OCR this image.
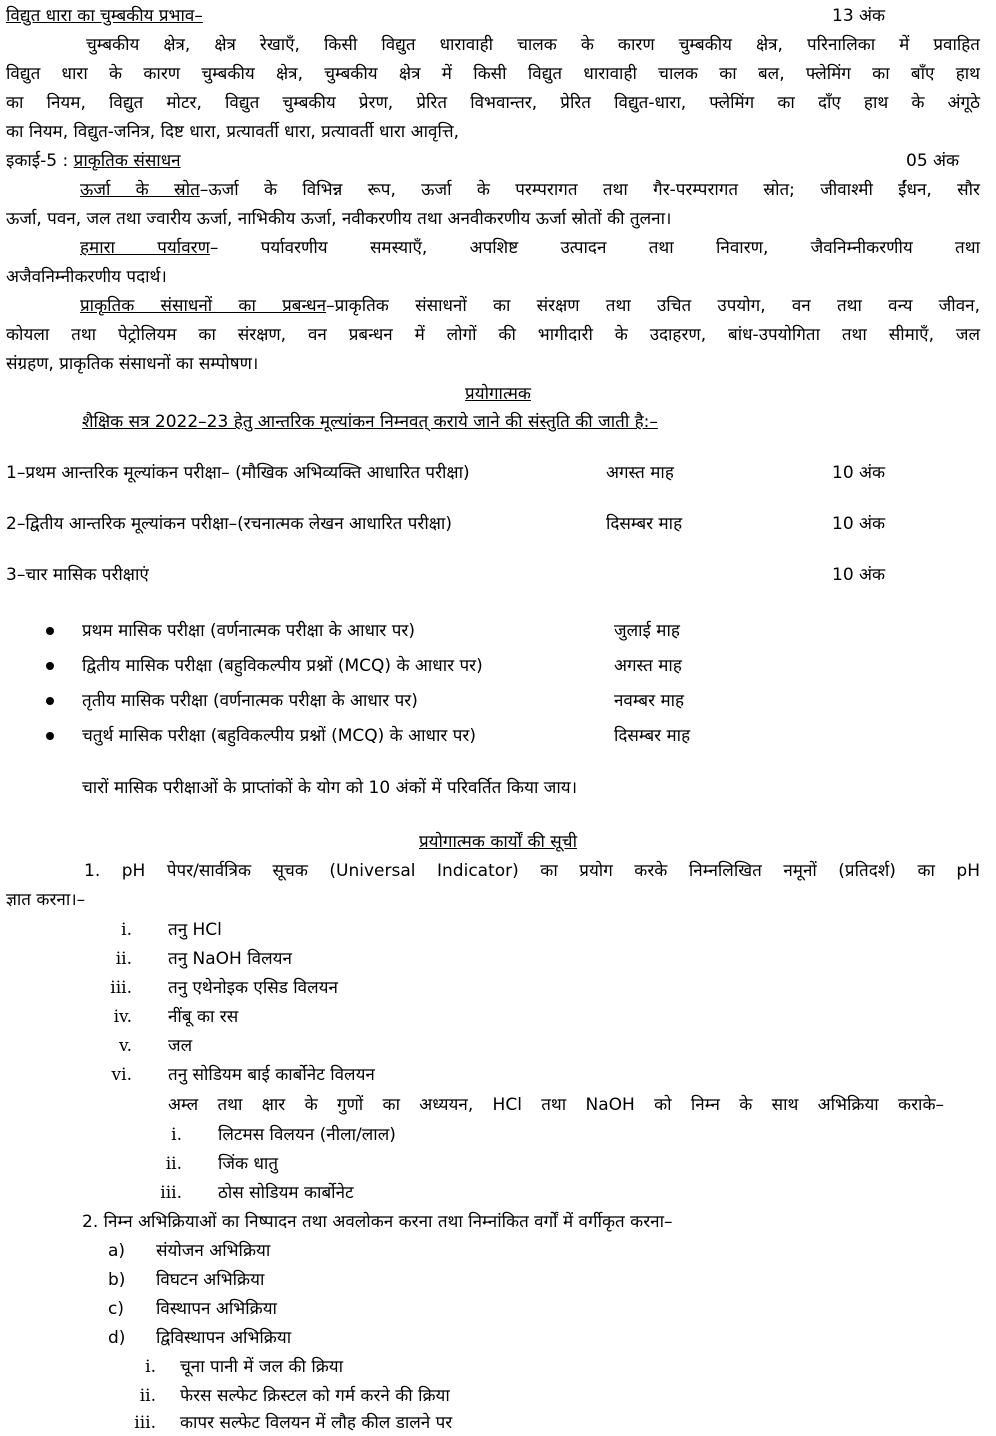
विद्युत धारा का चुम्बकीय प्रभाव–	13 अंक
चुम्बकीय क्षेत्र, क्षेत्र रेखाएँ, किसी विद्युत धारावाही चालक के कारण चुम्बकीय क्षेत्र, परिनालिका में प्रवाहित
विद्युत धारा के कारण चुम्बकीय क्षेत्र, चुम्बकीय क्षेत्र में किसी विद्युत धारावाही चालक का बल, फ्लेमिंग का बाँए हाथ
का नियम, विद्युत मोटर, विद्युत चुम्बकीय प्रेरण, प्रेरित विभवान्तर, प्रेरित विद्युत-धारा, फ्लेमिंग का दाँए हाथ के अंगूठे
का नियम, विद्युत-जनित्र, दिष्ट धारा, प्रत्यावर्ती धारा, प्रत्यावर्ती धारा आवृत्ति,
इकाई-5 : प्राकृतिक संसाधन	05 अंक
ऊर्जा के स्रोत–ऊर्जा के विभिन्न रूप, ऊर्जा के परम्परागत तथा गैर-परम्परागत स्रोत; जीवाश्मी ईंधन, सौर
ऊर्जा, पवन, जल तथा ज्वारीय ऊर्जा, नाभिकीय ऊर्जा, नवीकरणीय तथा अनवीकरणीय ऊर्जा स्रोतों की तुलना।
हमारा पर्यावरण– पर्यावरणीय समस्याएँ, अपशिष्ट उत्पादन तथा निवारण, जैवनिम्नीकरणीय तथा
अजैवनिम्नीकरणीय पदार्थ।
प्राकृतिक संसाधनों का प्रबन्धन–प्राकृतिक संसाधनों का संरक्षण तथा उचित उपयोग, वन तथा वन्य जीवन,
कोयला तथा पेट्रोलियम का संरक्षण, वन प्रबन्धन में लोगों की भागीदारी के उदाहरण, बांध-उपयोगिता तथा सीमाएँ, जल
संग्रहण, प्राकृतिक संसाधनों का सम्पोषण।
प्रयोगात्मक
शैक्षिक सत्र 2022–23 हेतु आन्तरिक मूल्यांकन निम्नवत् कराये जाने की संस्तुति की जाती है:–
1–प्रथम आन्तरिक मूल्यांकन परीक्षा– (मौखिक अभिव्यक्ति आधारित परीक्षा)	अगस्त माह	10 अंक
2–द्वितीय आन्तरिक मूल्यांकन परीक्षा–(रचनात्मक लेखन आधारित परीक्षा)	दिसम्बर माह	10 अंक
3–चार मासिक परीक्षाएं	10 अंक
प्रथम मासिक परीक्षा (वर्णनात्मक परीक्षा के आधार पर)	जुलाई माह
द्वितीय मासिक परीक्षा (बहुविकल्पीय प्रश्नों (MCQ) के आधार पर)	अगस्त माह
तृतीय मासिक परीक्षा (वर्णनात्मक परीक्षा के आधार पर)	नवम्बर माह
चतुर्थ मासिक परीक्षा (बहुविकल्पीय प्रश्नों (MCQ) के आधार पर)	दिसम्बर माह
चारों मासिक परीक्षाओं के प्राप्तांकों के योग को 10 अंकों में परिवर्तित किया जाय।
प्रयोगात्मक कार्यों की सूची
1. pH पेपर/सार्वत्रिक सूचक (Universal Indicator) का प्रयोग करके निम्नलिखित नमूनों (प्रतिदर्श) का pH
ज्ञात करना।–
i. तनु HCl
ii. तनु NaOH विलयन
iii. तनु एथेनोइक एसिड विलयन
iv. नींबू का रस
v. जल
vi. तनु सोडियम बाई कार्बोनेट विलयन
अम्ल तथा क्षार के गुणों का अध्ययन, HCl तथा NaOH को निम्न के साथ अभिक्रिया कराके–
i. लिटमस विलयन (नीला/लाल)
ii. जिंक धातु
iii. ठोस सोडियम कार्बोनेट
2. निम्न अभिक्रियाओं का निष्पादन तथा अवलोकन करना तथा निम्नांकित वर्गों में वर्गीकृत करना–
a) संयोजन अभिक्रिया
b) विघटन अभिक्रिया
c) विस्थापन अभिक्रिया
d) द्विविस्थापन अभिक्रिया
i. चूना पानी में जल की क्रिया
ii. फेरस सल्फेट क्रिस्टल को गर्म करने की क्रिया
iii. कापर सल्फेट विलयन में लौह कील डालने पर
